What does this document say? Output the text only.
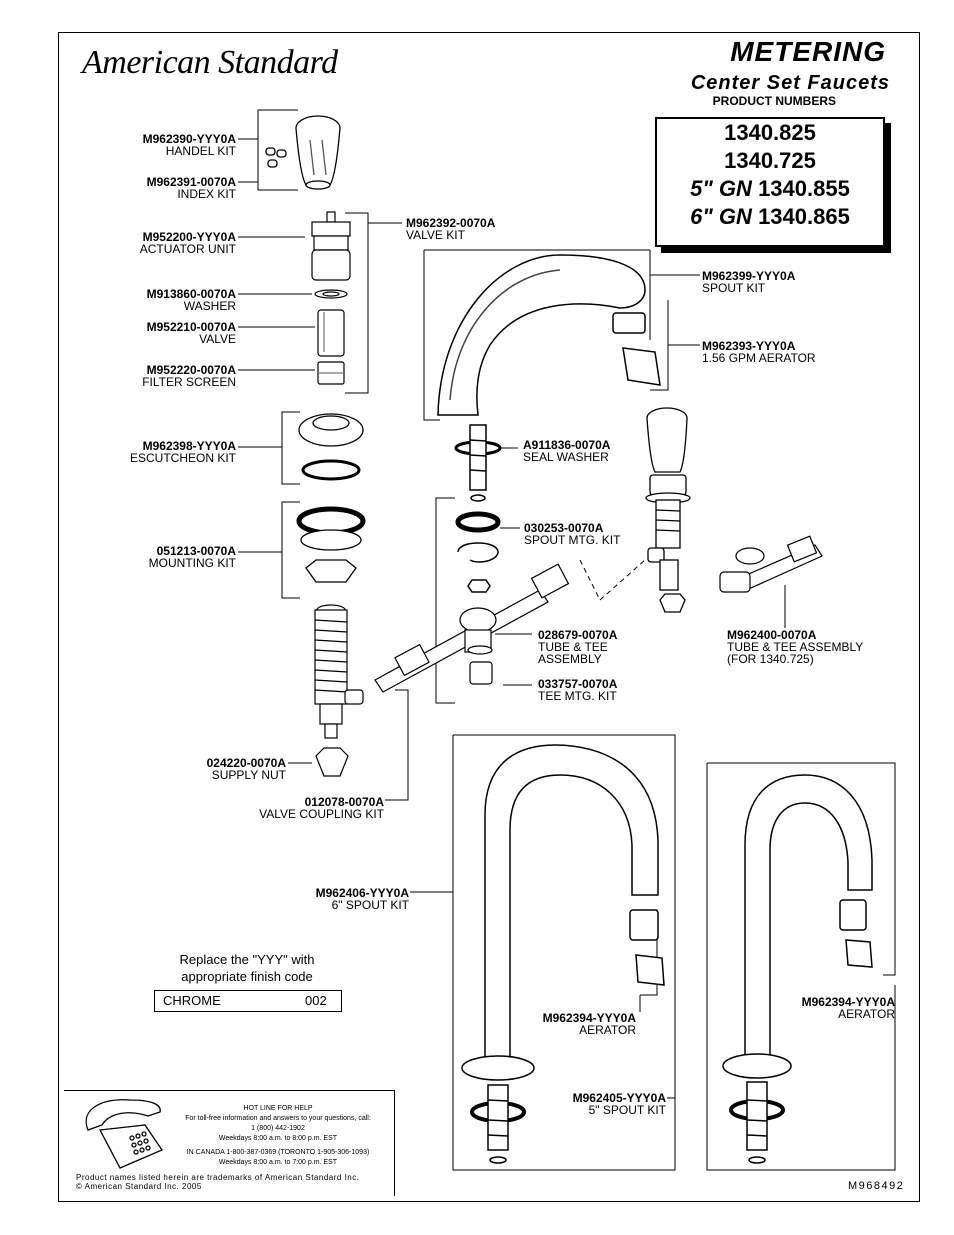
American Standard	METERING
Center Set Faucets
PRODUCT NUMBERS
1340.825
1340.725
5" GN 1340.855
6" GN 1340.865
M962390-YYY0A
HANDEL KIT
M962391-0070A
INDEX KIT
M952200-YYY0A
ACTUATOR UNIT
M962392-0070A
VALVE KIT
M913860-0070A
WASHER
M952210-0070A
VALVE
M952220-0070A
FILTER SCREEN
M962398-YYY0A
ESCUTCHEON KIT
051213-0070A
MOUNTING KIT
024220-0070A
SUPPLY NUT
012078-0070A
VALVE COUPLING KIT
M962399-YYY0A
SPOUT KIT
M962393-YYY0A
1.56 GPM AERATOR
A911836-0070A
SEAL WASHER
030253-0070A
SPOUT MTG. KIT
028679-0070A
TUBE & TEE
ASSEMBLY
033757-0070A
TEE MTG. KIT
M962400-0070A
TUBE & TEE ASSEMBLY
(FOR 1340.725)
M962406-YYY0A
6" SPOUT KIT
M962394-YYY0A
AERATOR
M962394-YYY0A
AERATOR
M962405-YYY0A
5" SPOUT KIT
Replace the "YYY" with
appropriate finish code
CHROME	002
HOT LINE FOR HELP
For toll-free information and answers to your questions, call:
1 (800) 442-1902
Weekdays 8:00 a.m. to 8:00 p.m. EST
IN CANADA 1-800-387-0369 (TORONTO 1-905-306-1093)
Weekdays 8:00 a.m. to 7:00 p.m. EST
Product names listed herein are trademarks of American Standard Inc.
© American Standard Inc. 2005	M968492
